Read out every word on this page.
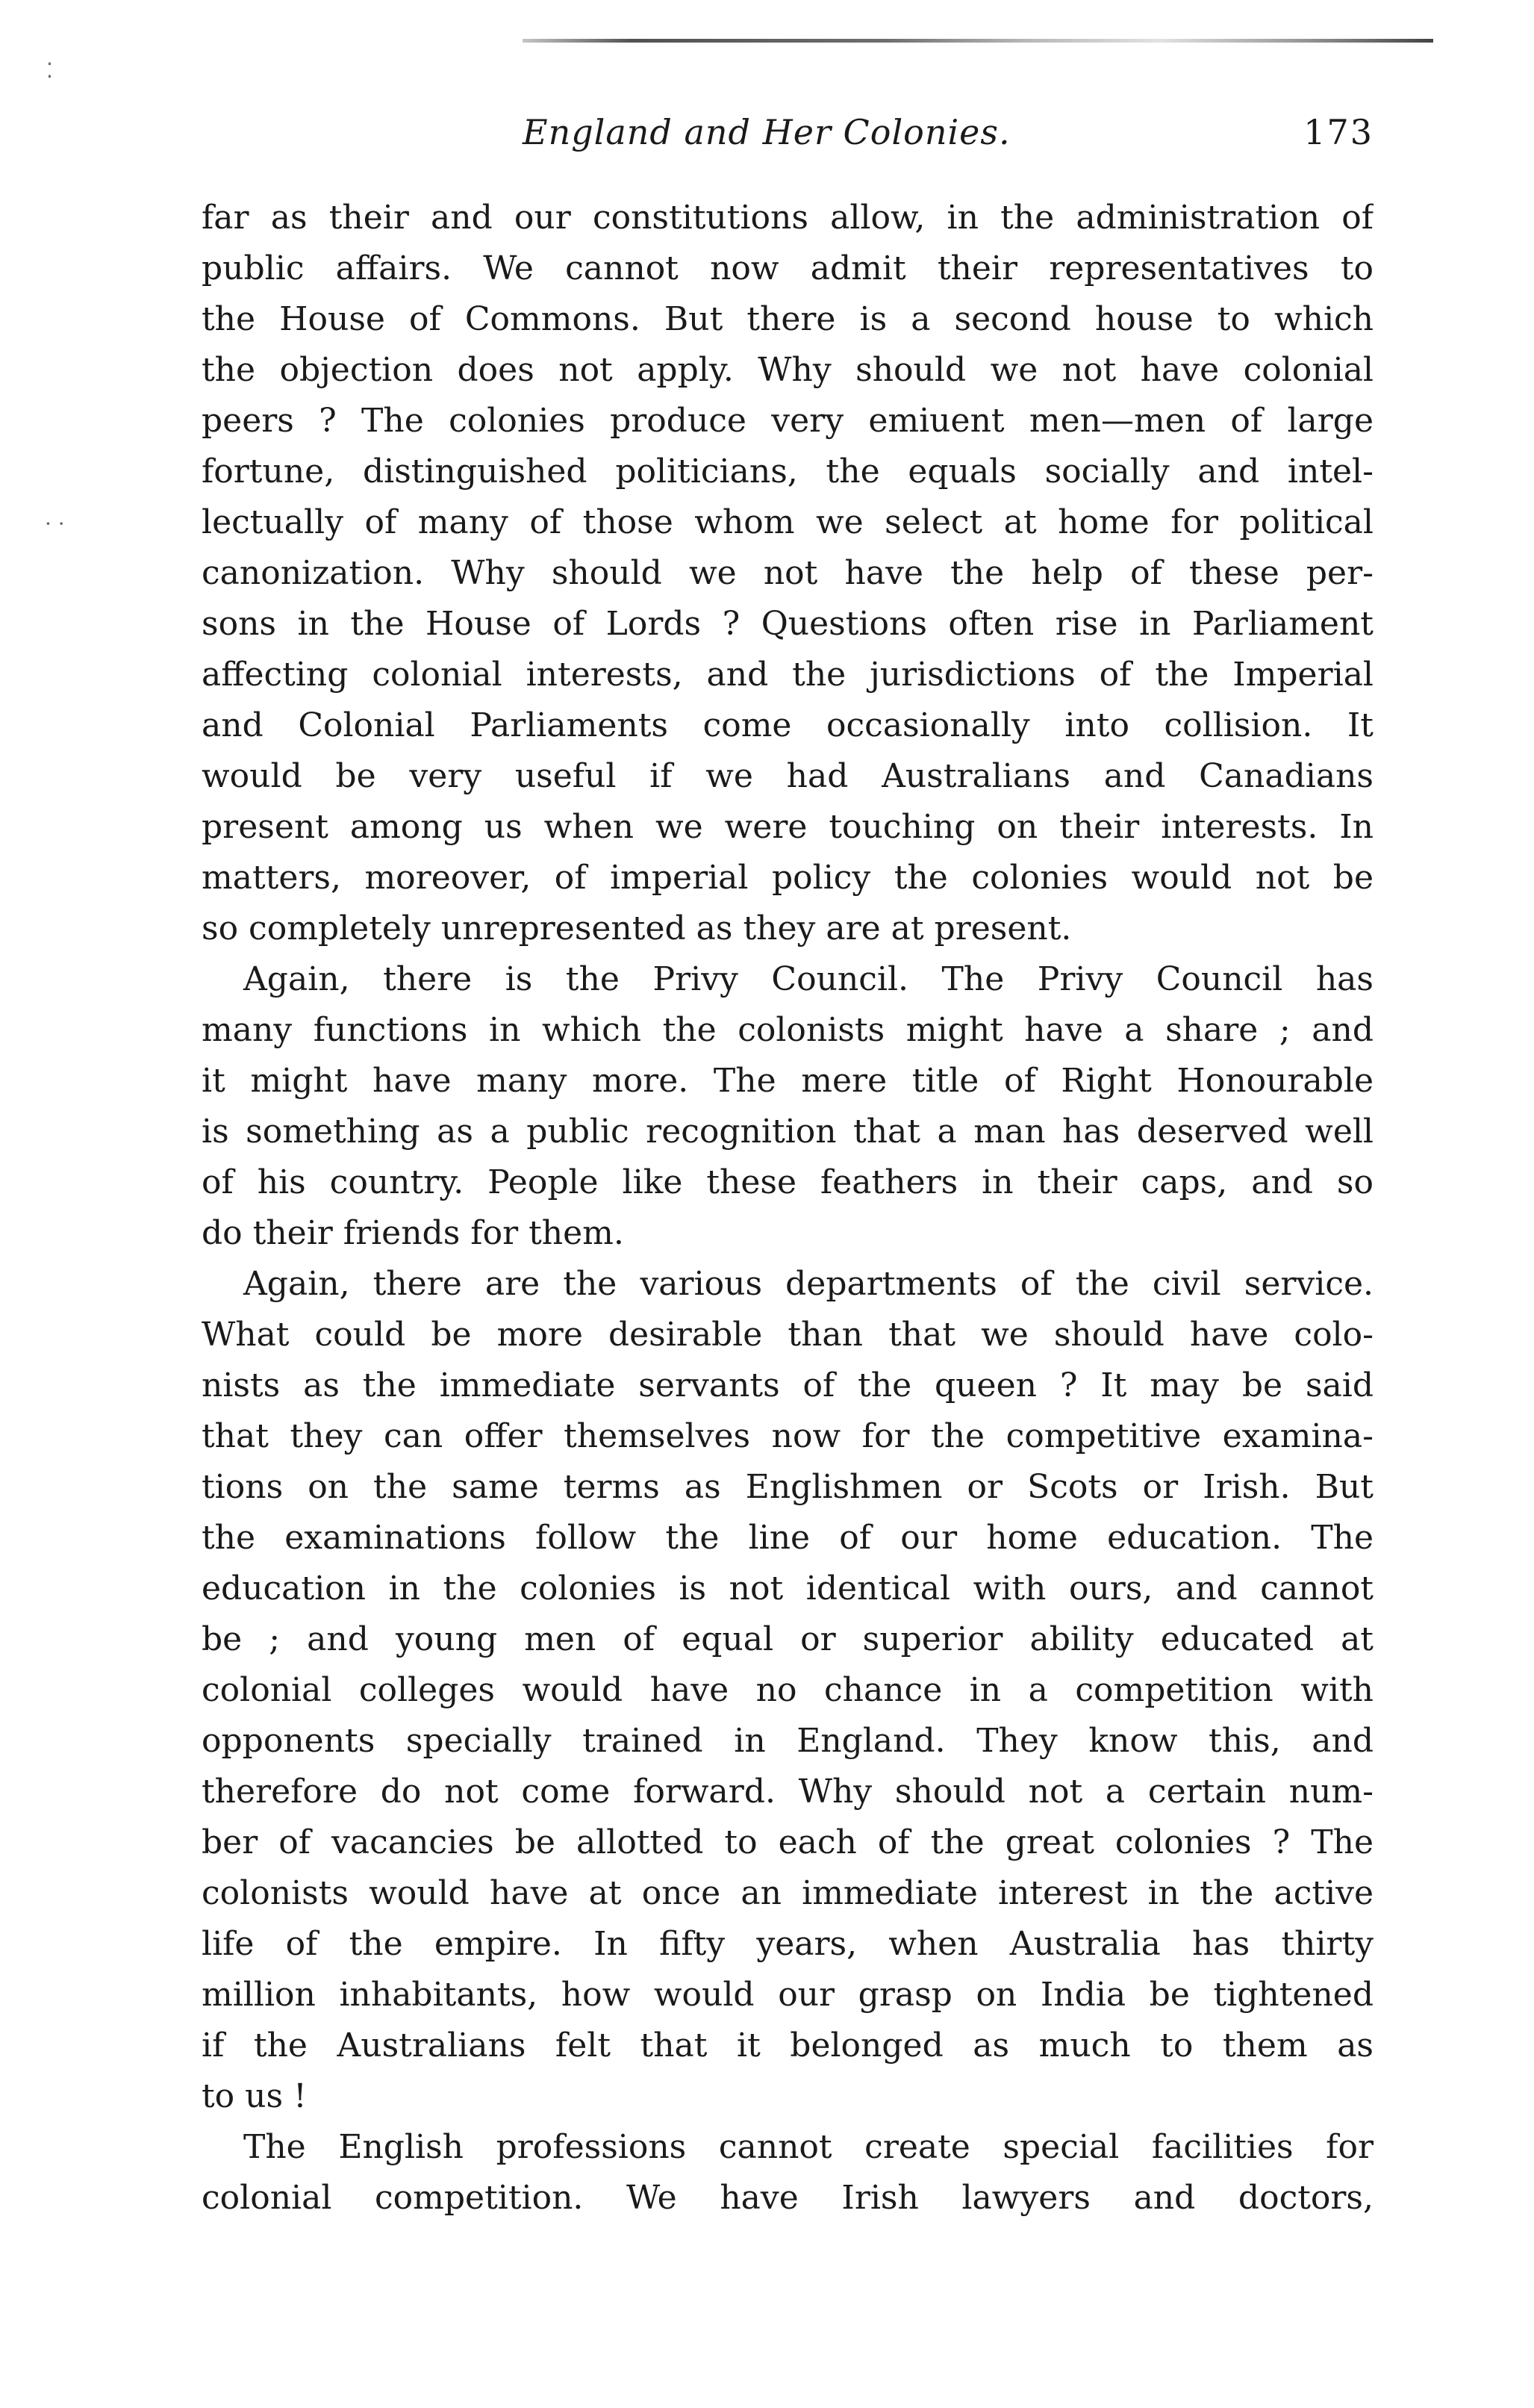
⁚
· ·
England and Her Colonies.	173
far as their and our constitutions allow, in the administration of
public affairs. We cannot now admit their representatives to
the House of Commons. But there is a second house to which
the objection does not apply. Why should we not have colonial
peers ? The colonies produce very emiuent men—men of large
fortune, distinguished politicians, the equals socially and intel-
lectually of many of those whom we select at home for political
canonization. Why should we not have the help of these per-
sons in the House of Lords ? Questions often rise in Parliament
affecting colonial interests, and the jurisdictions of the Imperial
and Colonial Parliaments come occasionally into collision. It
would be very useful if we had Australians and Canadians
present among us when we were touching on their interests. In
matters, moreover, of imperial policy the colonies would not be
so completely unrepresented as they are at present.
Again, there is the Privy Council. The Privy Council has
many functions in which the colonists might have a share ; and
it might have many more. The mere title of Right Honourable
is something as a public recognition that a man has deserved well
of his country. People like these feathers in their caps, and so
do their friends for them.
Again, there are the various departments of the civil service.
What could be more desirable than that we should have colo-
nists as the immediate servants of the queen ? It may be said
that they can offer themselves now for the competitive examina-
tions on the same terms as Englishmen or Scots or Irish. But
the examinations follow the line of our home education. The
education in the colonies is not identical with ours, and cannot
be ; and young men of equal or superior ability educated at
colonial colleges would have no chance in a competition with
opponents specially trained in England. They know this, and
therefore do not come forward. Why should not a certain num-
ber of vacancies be allotted to each of the great colonies ? The
colonists would have at once an immediate interest in the active
life of the empire. In fifty years, when Australia has thirty
million inhabitants, how would our grasp on India be tightened
if the Australians felt that it belonged as much to them as
to us !
The English professions cannot create special facilities for
colonial competition. We have Irish lawyers and doctors,
